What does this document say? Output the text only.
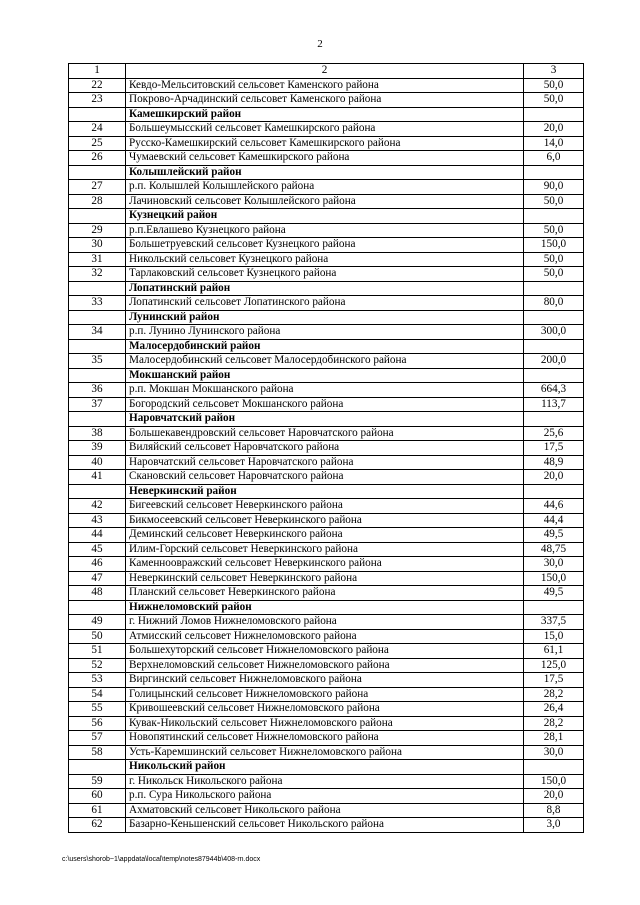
2
1	2	3
22	Кевдо-Мельситовский сельсовет Каменского района	50,0
23	Покрово-Арчадинский сельсовет Каменского района	50,0
	Камешкирский район	
24	Большеумысский сельсовет Камешкирского района	20,0
25	Русско-Камешкирский сельсовет Камешкирского района	14,0
26	Чумаевский сельсовет Камешкирского района	6,0
	Колышлейский район	
27	р.п. Колышлей Колышлейского района	90,0
28	Лачиновский сельсовет Колышлейского района	50,0
	Кузнецкий район	
29	р.п.Евлашево Кузнецкого района	50,0
30	Большетруевский сельсовет Кузнецкого района	150,0
31	Никольский сельсовет Кузнецкого района	50,0
32	Тарлаковский сельсовет Кузнецкого района	50,0
	Лопатинский район	
33	Лопатинский сельсовет Лопатинского района	80,0
	Лунинский район	
34	р.п. Лунино Лунинского района	300,0
	Малосердобинский район	
35	Малосердобинский сельсовет Малосердобинского района	200,0
	Мокшанский район	
36	р.п. Мокшан Мокшанского района	664,3
37	Богородский сельсовет Мокшанского района	113,7
	Наровчатский район	
38	Большекавендровский сельсовет Наровчатского района	25,6
39	Виляйский сельсовет Наровчатского района	17,5
40	Наровчатский сельсовет Наровчатского района	48,9
41	Скановский сельсовет Наровчатского района	20,0
	Неверкинский район	
42	Бигеевский сельсовет Неверкинского района	44,6
43	Бикмосеевский сельсовет Неверкинского района	44,4
44	Деминский сельсовет Неверкинского района	49,5
45	Илим-Горский сельсовет Неверкинского района	48,75
46	Каменноовражский сельсовет Неверкинского района	30,0
47	Неверкинский сельсовет Неверкинского района	150,0
48	Планский сельсовет Неверкинского района	49,5
	Нижнеломовский район	
49	г. Нижний Ломов Нижнеломовского района	337,5
50	Атмисский сельсовет Нижнеломовского района	15,0
51	Большехуторский сельсовет Нижнеломовского района	61,1
52	Верхнеломовский сельсовет Нижнеломовского района	125,0
53	Виргинский сельсовет Нижнеломовского района	17,5
54	Голицынский сельсовет Нижнеломовского района	28,2
55	Кривошеевский сельсовет Нижнеломовского района	26,4
56	Кувак-Никольский сельсовет Нижнеломовского района	28,2
57	Новопятинский сельсовет Нижнеломовского района	28,1
58	Усть-Каремшинский сельсовет Нижнеломовского района	30,0
	Никольский район	
59	г. Никольск Никольского района	150,0
60	р.п. Сура Никольского района	20,0
61	Ахматовский сельсовет Никольского района	8,8
62	Базарно-Кеньшенский сельсовет Никольского района	3,0
c:\users\shorob~1\appdata\local\temp\notes87944b\408-rn.docx
